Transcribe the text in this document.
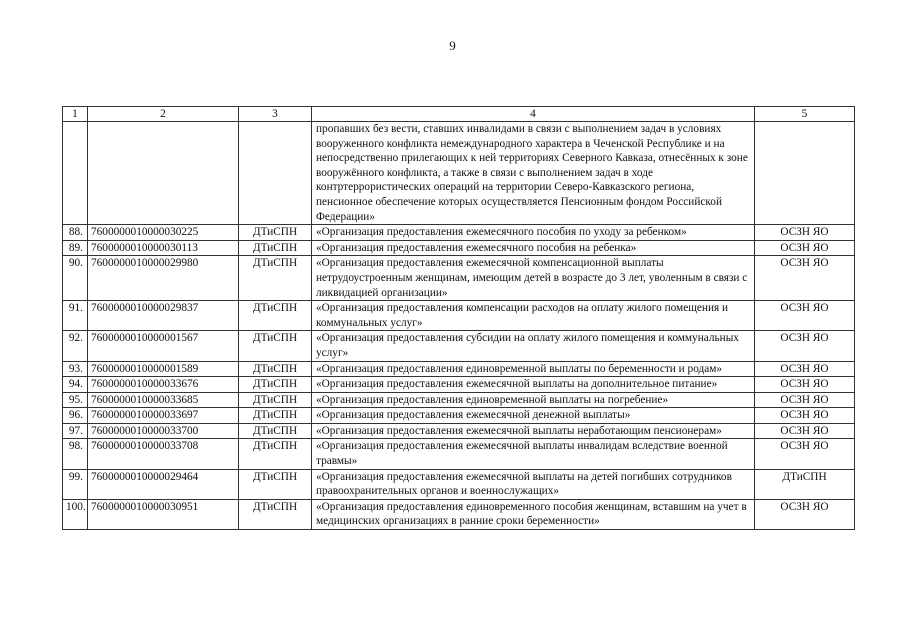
9
1	2	3	4	5
			пропавших без вести, ставших инвалидами в связи с выполнением задач в условиях вооруженного конфликта немеждународного характера в Чеченской Республике и на непосредственно прилегающих к ней территориях Северного Кавказа, отнесённых к зоне вооружённого конфликта, а также в связи с выполнением задач в ходе контртеррористических операций на территории Северо-Кавказского региона, пенсионное обеспечение которых осуществляется Пенсионным фондом Российской Федерации»	
88.	7600000010000030225	ДТиСПН	«Организация предоставления ежемесячного пособия по уходу за ребенком»	ОСЗН ЯО
89.	7600000010000030113	ДТиСПН	«Организация предоставления ежемесячного пособия на ребенка»	ОСЗН ЯО
90.	7600000010000029980	ДТиСПН	«Организация предоставления ежемесячной компенсационной выплаты нетрудоустроенным женщинам, имеющим детей в возрасте до 3 лет, уволенным в связи с ликвидацией организации»	ОСЗН ЯО
91.	7600000010000029837	ДТиСПН	«Организация предоставления компенсации расходов на оплату жилого помещения и коммунальных услуг»	ОСЗН ЯО
92.	7600000010000001567	ДТиСПН	«Организация предоставления субсидии на оплату жилого помещения и коммунальных услуг»	ОСЗН ЯО
93.	7600000010000001589	ДТиСПН	«Организация предоставления единовременной выплаты по беременности и родам»	ОСЗН ЯО
94.	7600000010000033676	ДТиСПН	«Организация предоставления ежемесячной выплаты на дополнительное питание»	ОСЗН ЯО
95.	7600000010000033685	ДТиСПН	«Организация предоставления единовременной выплаты на погребение»	ОСЗН ЯО
96.	7600000010000033697	ДТиСПН	«Организация предоставления ежемесячной денежной выплаты»	ОСЗН ЯО
97.	7600000010000033700	ДТиСПН	«Организация предоставления ежемесячной выплаты неработающим пенсионерам»	ОСЗН ЯО
98.	7600000010000033708	ДТиСПН	«Организация предоставления ежемесячной выплаты инвалидам вследствие военной травмы»	ОСЗН ЯО
99.	7600000010000029464	ДТиСПН	«Организация предоставления ежемесячной выплаты на детей погибших сотрудников правоохранительных органов и военнослужащих»	ДТиСПН
100.	7600000010000030951	ДТиСПН	«Организация предоставления единовременного пособия женщинам, вставшим на учет в медицинских организациях в ранние сроки беременности»	ОСЗН ЯО
